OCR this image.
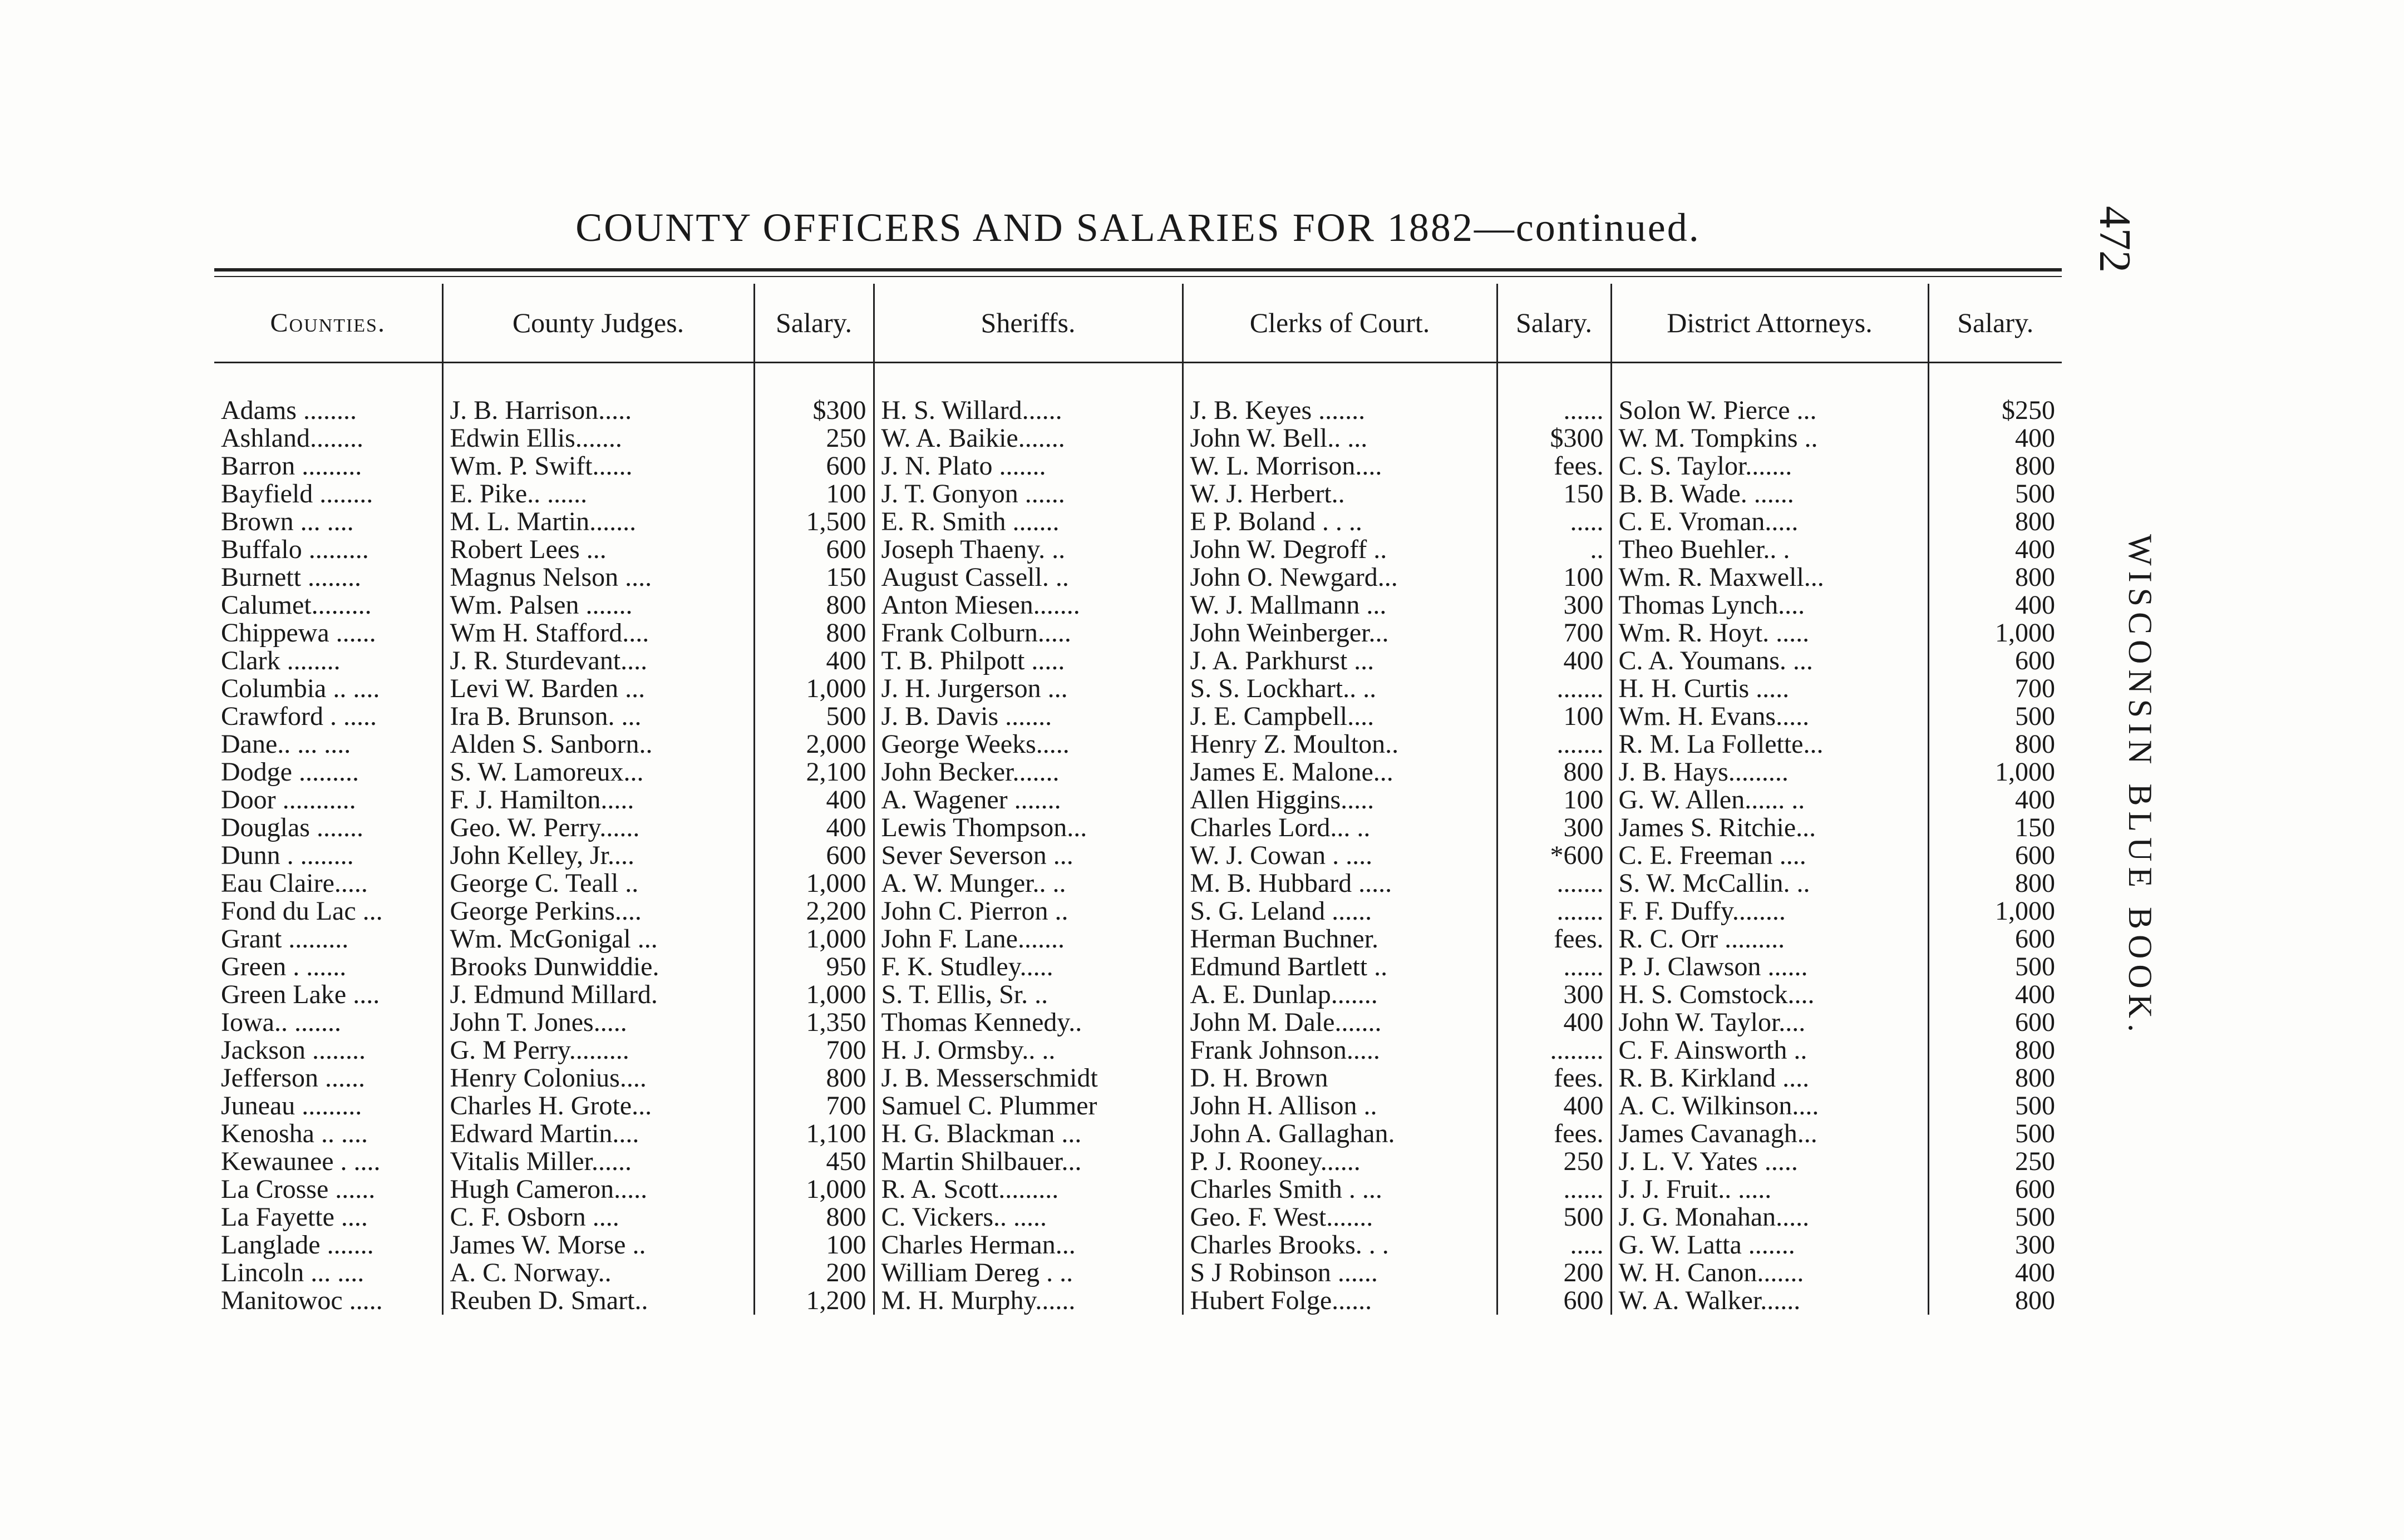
COUNTY OFFICERS AND SALARIES FOR 1882—continued.	472
WISCONSIN BLUE BOOK.
Counties.	County Judges.	Salary.	Sheriffs.	Clerks of Court.	Salary.	District Attorneys.	Salary.
Adams ........	J. B. Harrison.....	$300	H. S. Willard......	J. B. Keyes .......	......	Solon W. Pierce ...	$250
Ashland........	Edwin Ellis.......	250	W. A. Baikie.......	John W. Bell.. ...	$300	W. M. Tompkins ..	400
Barron .........	Wm. P. Swift......	600	J. N. Plato .......	W. L. Morrison....	fees.	C. S. Taylor.......	800
Bayfield ........	E. Pike.. ......	100	J. T. Gonyon ......	W. J. Herbert..	150	B. B. Wade. ......	500
Brown ... ....	M. L. Martin.......	1,500	E. R. Smith .......	E P. Boland . . ..	.....	C. E. Vroman.....	800
Buffalo .........	Robert Lees ...	600	Joseph Thaeny. ..	John W. Degroff ..	..	Theo Buehler.. .	400
Burnett ........	Magnus Nelson ....	150	August Cassell. ..	John O. Newgard...	100	Wm. R. Maxwell...	800
Calumet.........	Wm. Palsen .......	800	Anton Miesen.......	W. J. Mallmann ...	300	Thomas Lynch....	400
Chippewa ......	Wm H. Stafford....	800	Frank Colburn.....	John Weinberger...	700	Wm. R. Hoyt. .....	1,000
Clark ........	J. R. Sturdevant....	400	T. B. Philpott .....	J. A. Parkhurst ...	400	C. A. Youmans. ...	600
Columbia .. ....	Levi W. Barden ...	1,000	J. H. Jurgerson ...	S. S. Lockhart.. ..	.......	H. H. Curtis .....	700
Crawford . .....	Ira B. Brunson. ...	500	J. B. Davis .......	J. E. Campbell....	100	Wm. H. Evans.....	500
Dane.. ... ....	Alden S. Sanborn..	2,000	George Weeks.....	Henry Z. Moulton..	.......	R. M. La Follette...	800
Dodge .........	S. W. Lamoreux...	2,100	John Becker.......	James E. Malone...	800	J. B. Hays.........	1,000
Door ...........	F. J. Hamilton.....	400	A. Wagener .......	Allen Higgins.....	100	G. W. Allen...... ..	400
Douglas .......	Geo. W. Perry......	400	Lewis Thompson...	Charles Lord... ..	300	James S. Ritchie...	150
Dunn . ........	John Kelley, Jr....	600	Sever Severson ...	W. J. Cowan . ....	*600	C. E. Freeman ....	600
Eau Claire.....	George C. Teall ..	1,000	A. W. Munger.. ..	M. B. Hubbard .....	.......	S. W. McCallin. ..	800
Fond du Lac ...	George Perkins....	2,200	John C. Pierron ..	S. G. Leland ......	.......	F. F. Duffy........	1,000
Grant .........	Wm. McGonigal ...	1,000	John F. Lane.......	Herman Buchner.	fees.	R. C. Orr .........	600
Green . ......	Brooks Dunwiddie.	950	F. K. Studley.....	Edmund Bartlett ..	......	P. J. Clawson ......	500
Green Lake ....	J. Edmund Millard.	1,000	S. T. Ellis, Sr. ..	A. E. Dunlap.......	300	H. S. Comstock....	400
Iowa.. .......	John T. Jones.....	1,350	Thomas Kennedy..	John M. Dale.......	400	John W. Taylor....	600
Jackson ........	G. M Perry.........	700	H. J. Ormsby.. ..	Frank Johnson.....	........	C. F. Ainsworth ..	800
Jefferson ......	Henry Colonius....	800	J. B. Messerschmidt	D. H. Brown	fees.	R. B. Kirkland ....	800
Juneau .........	Charles H. Grote...	700	Samuel C. Plummer	John H. Allison ..	400	A. C. Wilkinson....	500
Kenosha .. ....	Edward Martin....	1,100	H. G. Blackman ...	John A. Gallaghan.	fees.	James Cavanagh...	500
Kewaunee . ....	Vitalis Miller......	450	Martin Shilbauer...	P. J. Rooney......	250	J. L. V. Yates .....	250
La Crosse ......	Hugh Cameron.....	1,000	R. A. Scott.........	Charles Smith . ...	......	J. J. Fruit.. .....	600
La Fayette ....	C. F. Osborn ....	800	C. Vickers.. .....	Geo. F. West.......	500	J. G. Monahan.....	500
Langlade .......	James W. Morse ..	100	Charles Herman...	Charles Brooks. . .	.....	G. W. Latta .......	300
Lincoln ... ....	A. C. Norway..	200	William Dereg . ..	S J Robinson ......	200	W. H. Canon.......	400
Manitowoc .....	Reuben D. Smart..	1,200	M. H. Murphy......	Hubert Folge......	600	W. A. Walker......	800
